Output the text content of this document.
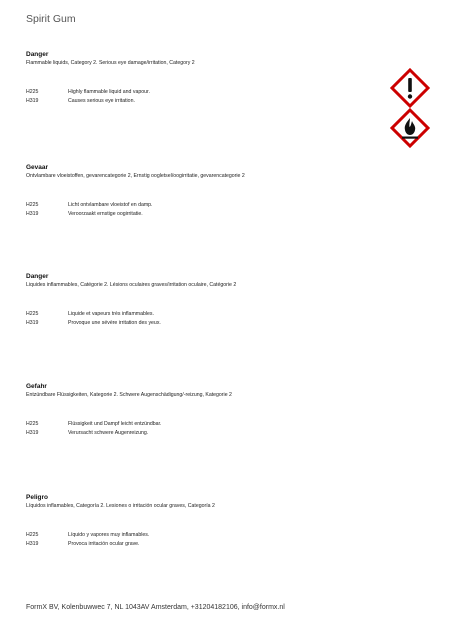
Spirit Gum
Danger
Flammable liquids, Category 2. Serious eye damage/irritation, Category 2
H225	Highly flammable liquid and vapour.
H319	Causes serious eye irritation.
Gevaar
Ontvlambare vloeistoffen, gevarencategorie 2, Ernstig oogletsel/oogirritatie, gevarencategorie 2
H225	Licht ontvlambare vloeistof en damp.
H319	Veroorzaakt ernstige oogirritatie.
Danger
Liquides inflammables, Catégorie 2. Lésions oculaires graves/irritation oculaire, Catégorie 2
H225	Liquide et vapeurs très inflammables.
H319	Provoque une sévère irritation des yeux.
Gefahr
Entzündbare Flüssigkeiten, Kategorie 2. Schwere Augenschädigung/-reizung, Kategorie 2
H225	Flüssigkeit und Dampf leicht entzündbar.
H319	Verursacht schwere Augenreizung.
Peligro
Líquidos inflamables, Categoría 2. Lesiones o irritación ocular graves, Categoría 2
H225	Líquido y vapores muy inflamables.
H319	Provoca irritación ocular grave.
FormX BV, Kolenbuwwec 7, NL 1043AV Amsterdam, +31204182106, info@formx.nl
